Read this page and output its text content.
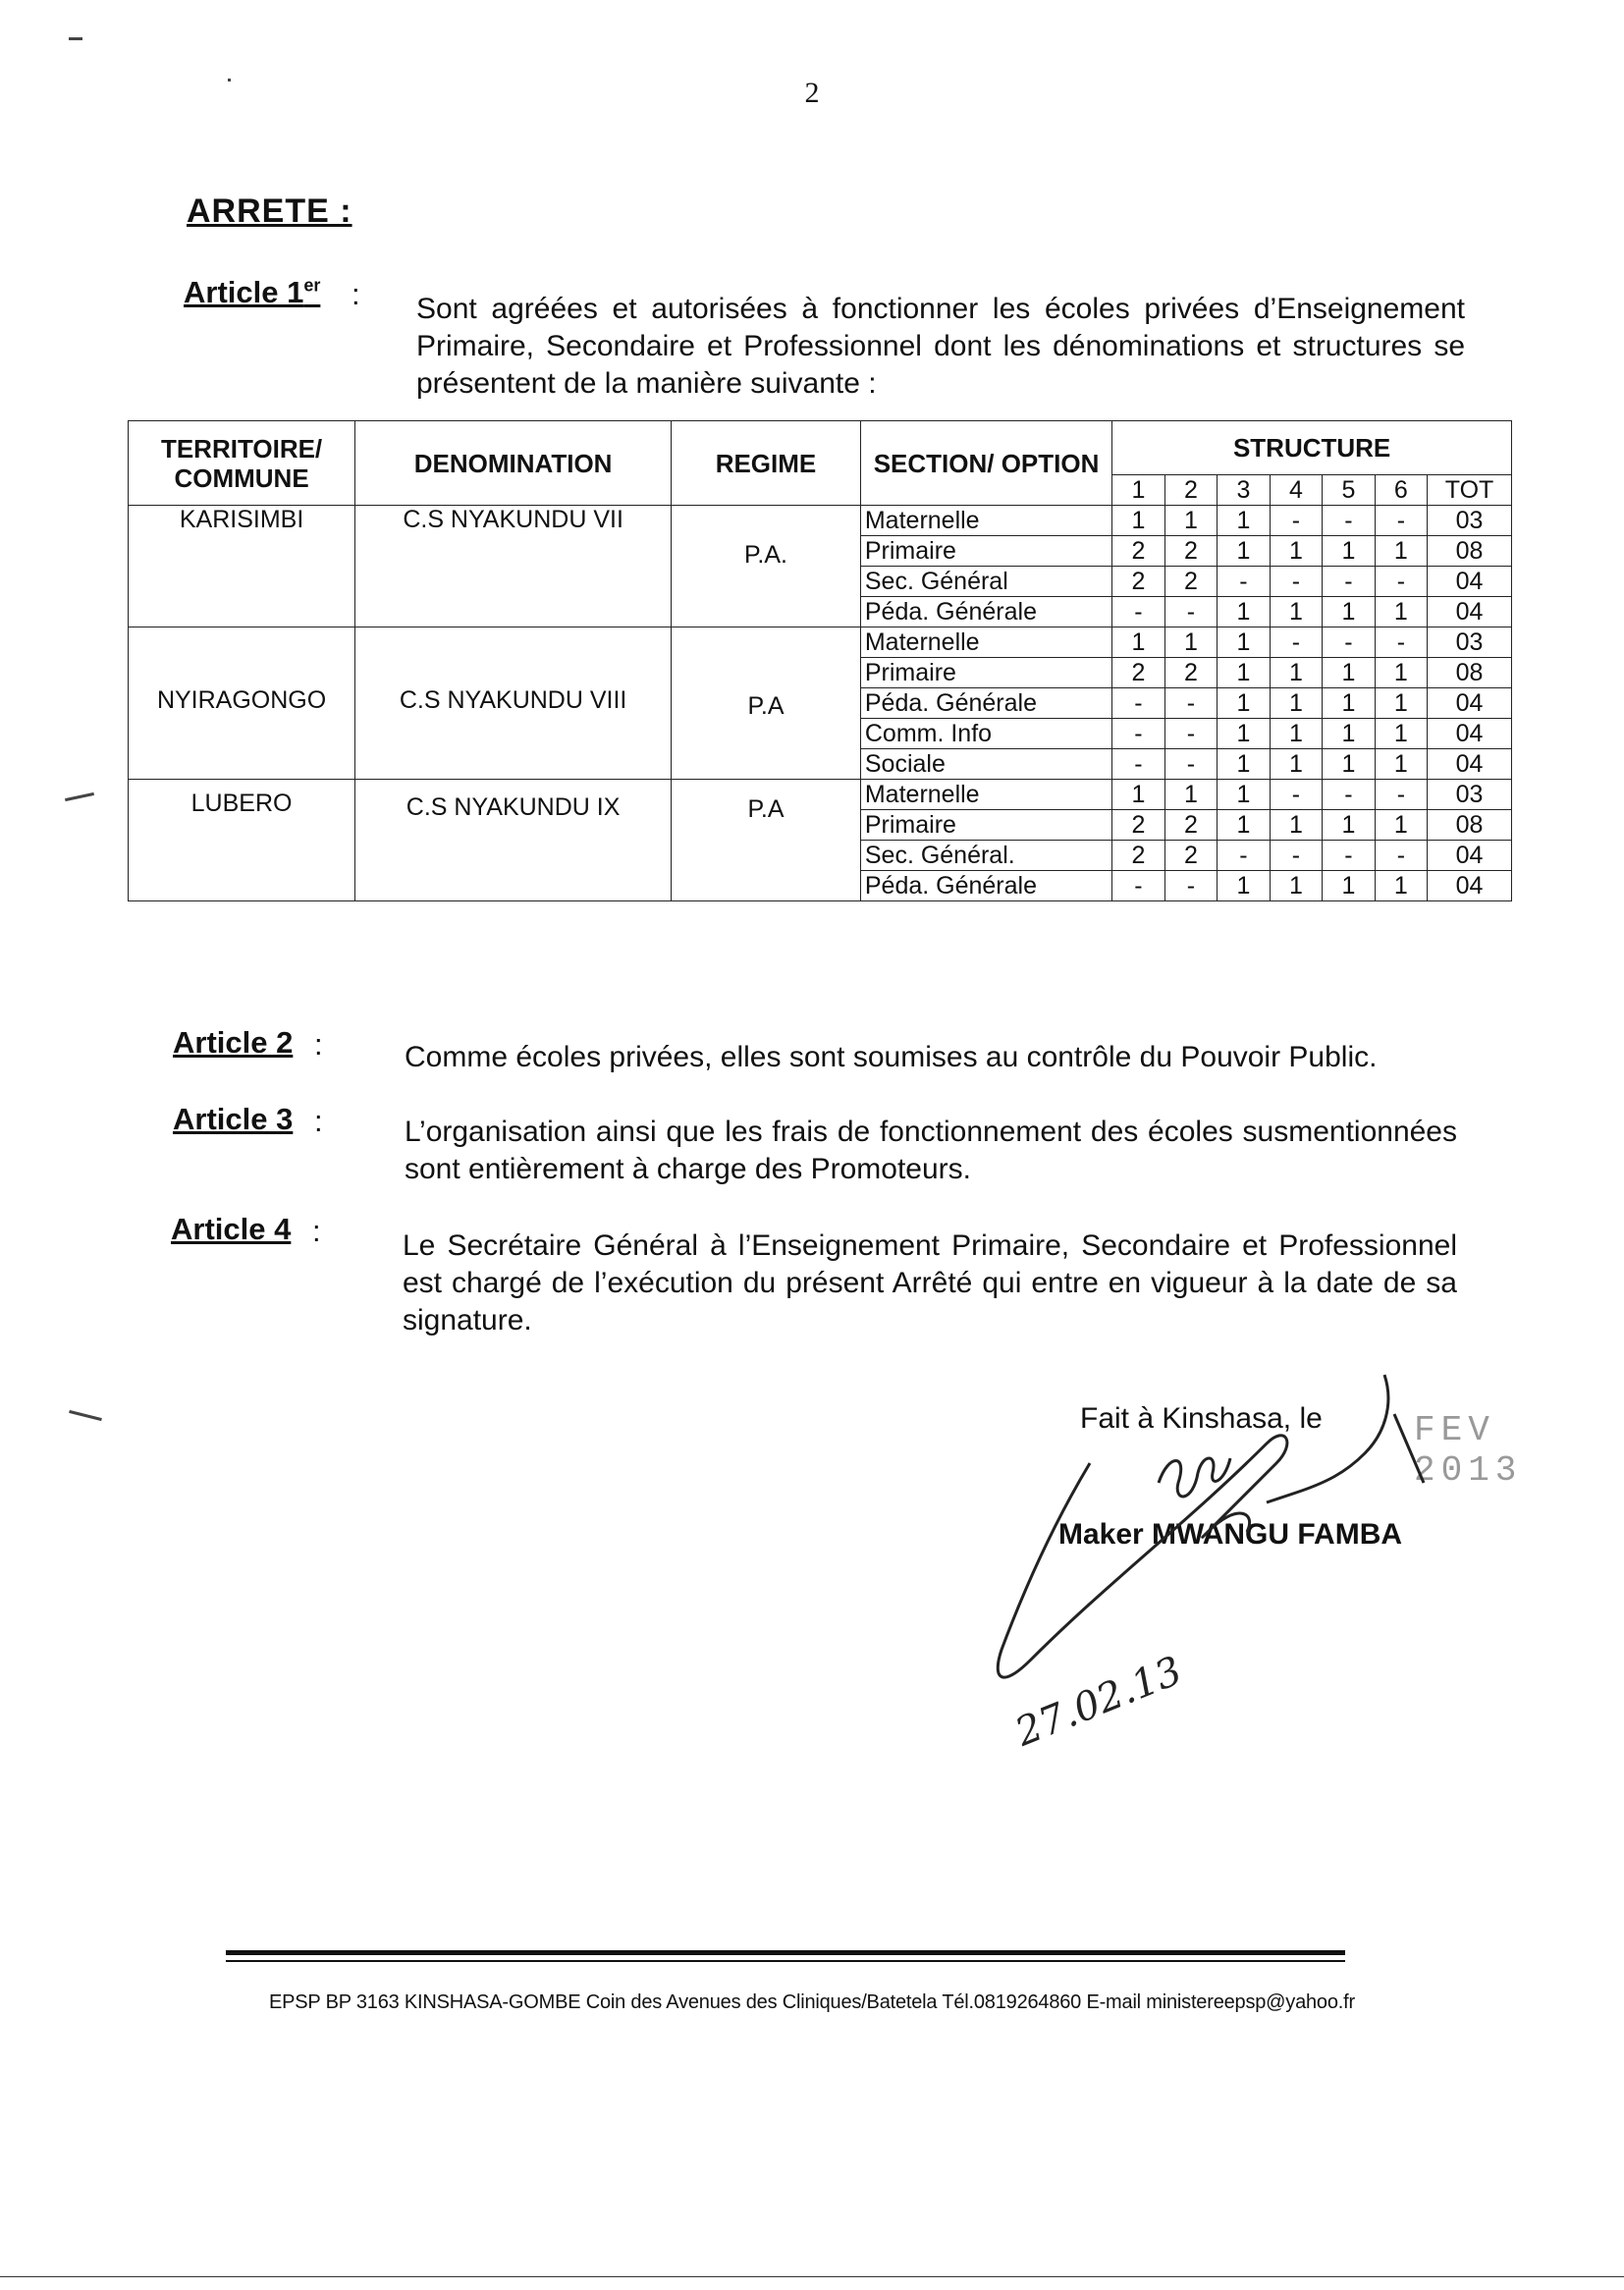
2
ARRETE :
Article 1er : Sont agréées et autorisées à fonctionner les écoles privées d’Enseignement Primaire, Secondaire et Professionnel dont les dénominations et structures se présentent de la manière suivante :
TERRITOIRE/ COMMUNE	DENOMINATION	REGIME	SECTION/ OPTION	STRUCTURE						
				1	2	3	4	5	6	TOT
KARISIMBI	C.S NYAKUNDU VII	P.A.	Maternelle	1	1	1	-	-	-	03
			Primaire	2	2	1	1	1	1	08
			Sec. Général	2	2	-	-	-	-	04
			Péda. Générale	-	-	1	1	1	1	04
NYIRAGONGO	C.S NYAKUNDU VIII	P.A	Maternelle	1	1	1	-	-	-	03
			Primaire	2	2	1	1	1	1	08
			Péda. Générale	-	-	1	1	1	1	04
			Comm. Info	-	-	1	1	1	1	04
			Sociale	-	-	1	1	1	1	04
LUBERO	C.S NYAKUNDU IX	P.A	Maternelle	1	1	1	-	-	-	03
			Primaire	2	2	1	1	1	1	08
			Sec. Général.	2	2	-	-	-	-	04
			Péda. Générale	-	-	1	1	1	1	04
Article 2 :	Comme écoles privées, elles sont soumises au contrôle du Pouvoir Public.
Article 3 :	L’organisation ainsi que les frais de fonctionnement des écoles susmentionnées sont entièrement à charge des Promoteurs.
Article 4 :	Le Secrétaire Général à l’Enseignement Primaire, Secondaire et Professionnel est chargé de l’exécution du présent Arrêté qui entre en vigueur à la date de sa signature.
Fait à Kinshasa, le	FEV 2013
Maker MWANGU FAMBA
27.02.13
EPSP BP 3163 KINSHASA-GOMBE Coin des Avenues des Cliniques/Batetela Tél.0819264860 E-mail ministereepsp@yahoo.fr
